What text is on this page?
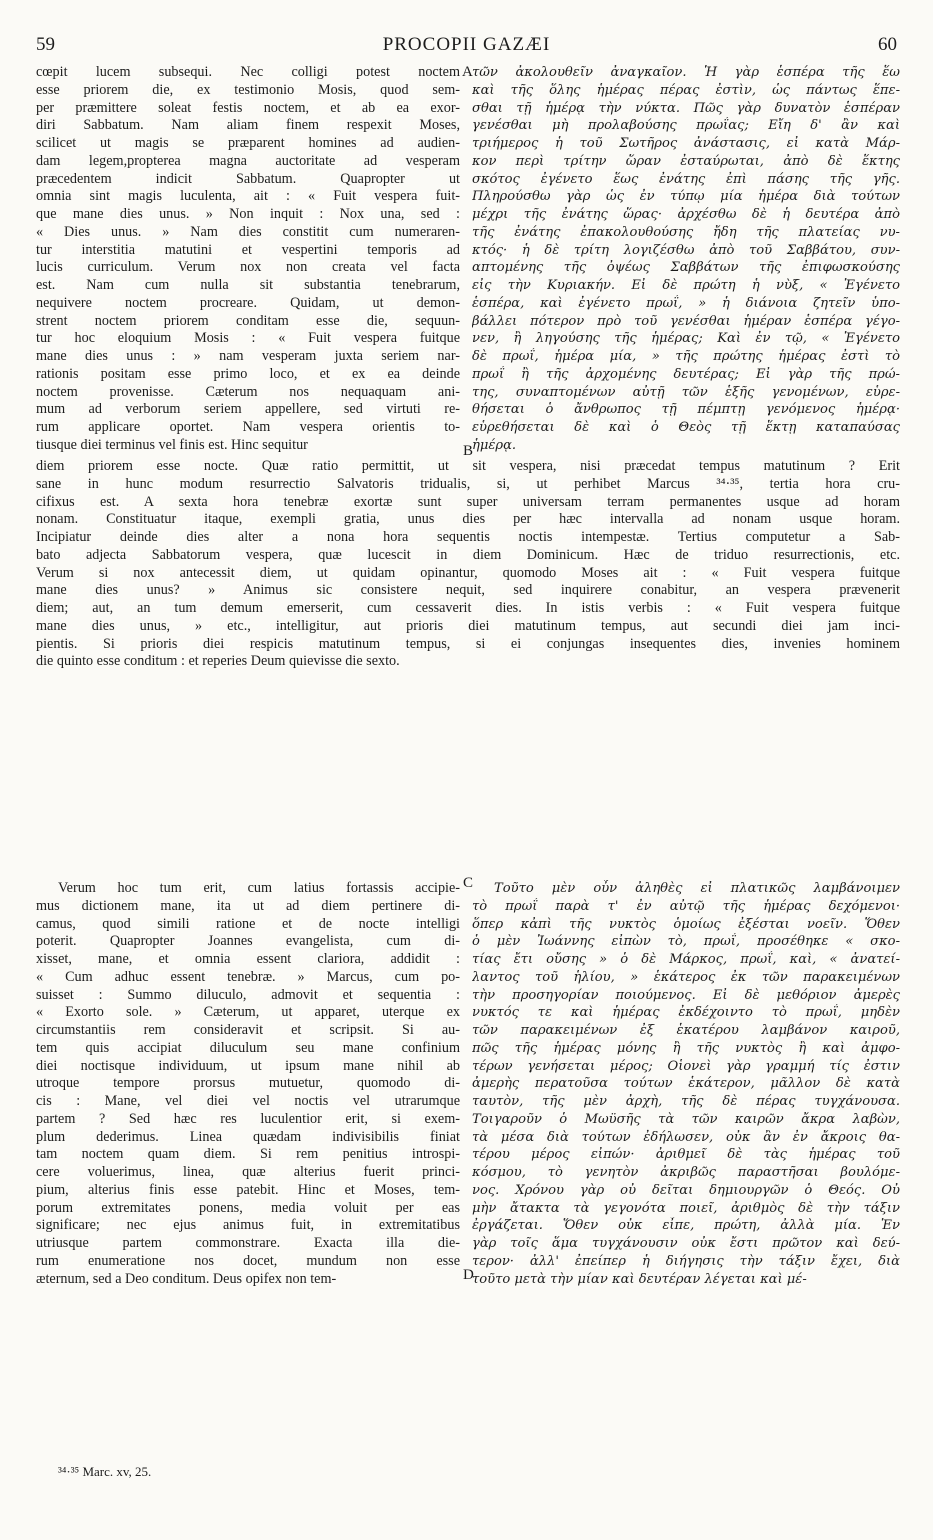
59	PROCOPII GAZÆI	60
A
B
C
D
cœpit lucem subsequi. Nec colligi potest noctem
esse priorem die, ex testimonio Mosis, quod sem-
per præmittere soleat festis noctem, et ab ea exor-
diri Sabbatum. Nam aliam finem respexit Moses,
scilicet ut magis se præparent homines ad audien-
dam legem,propterea magna auctoritate ad vesperam
præcedentem indicit Sabbatum. Quapropter ut
omnia sint magis luculenta, ait : « Fuit vespera fuit-
que mane dies unus. » Non inquit : Nox una, sed :
« Dies unus. » Nam dies constitit cum numeraren-
tur interstitia matutini et vespertini temporis ad
lucis curriculum. Verum nox non creata vel facta
est. Nam cum nulla sit substantia tenebrarum,
nequivere noctem procreare. Quidam, ut demon-
strent noctem priorem conditam esse die, sequun-
tur hoc eloquium Mosis : « Fuit vespera fuitque
mane dies unus : » nam vesperam juxta seriem nar-
rationis positam esse primo loco, et ex ea deinde
noctem provenisse. Cæterum nos nequaquam ani-
mum ad verborum seriem appellere, sed virtuti re-
rum applicare oportet. Nam vespera orientis to-
tiusque diei terminus vel finis est. Hinc sequitur
τῶν ἀκολουθεῖν ἀναγκαῖον. Ἡ γὰρ ἑσπέρα τῆς ἕω
καὶ τῆς ὅλης ἡμέρας πέρας ἐστὶν, ὡς πάντως ἕπε-
σθαι τῇ ἡμέρᾳ τὴν νύκτα. Πῶς γὰρ δυνατὸν ἑσπέραν
γενέσθαι μὴ προλαβούσης πρωΐας; Εἴη δ' ἂν καὶ
τριήμερος ἡ τοῦ Σωτῆρος ἀνάστασις, εἰ κατὰ Μάρ-
κον περὶ τρίτην ὥραν ἐσταύρωται, ἀπὸ δὲ ἕκτης
σκότος ἐγένετο ἕως ἐνάτης ἐπὶ πάσης τῆς γῆς.
Πληρούσθω γὰρ ὡς ἐν τύπῳ μία ἡμέρα διὰ τούτων
μέχρι τῆς ἐνάτης ὥρας· ἀρχέσθω δὲ ἡ δευτέρα ἀπὸ
τῆς ἐνάτης ἐπακολουθούσης ἤδη τῆς πλατείας νυ-
κτός· ἡ δὲ τρίτη λογιζέσθω ἀπὸ τοῦ Σαββάτου, συν-
απτομένης τῆς ὀψέως Σαββάτων τῆς ἐπιφωσκούσης
εἰς τὴν Κυριακήν. Εἰ δὲ πρώτη ἡ νὺξ, « Ἐγένετο
ἑσπέρα, καὶ ἐγένετο πρωΐ, » ἡ διάνοια ζητεῖν ὑπο-
βάλλει πότερον πρὸ τοῦ γενέσθαι ἡμέραν ἑσπέρα γέγο-
νεν, ἢ ληγούσης τῆς ἡμέρας; Καὶ ἐν τῷ, « Ἐγένετο
δὲ πρωΐ, ἡμέρα μία, » τῆς πρώτης ἡμέρας ἐστὶ τὸ
πρωΐ ἢ τῆς ἀρχομένης δευτέρας; Εἰ γὰρ τῆς πρώ-
της, συναπτομένων αὐτῇ τῶν ἑξῆς γενομένων, εὑρε-
θήσεται ὁ ἄνθρωπος τῇ πέμπτῃ γενόμενος ἡμέρᾳ·
εὑρεθήσεται δὲ καὶ ὁ Θεὸς τῇ ἕκτῃ καταπαύσας
ἡμέρᾳ.
diem priorem esse nocte. Quæ ratio permittit, ut sit vespera, nisi præcedat tempus matutinum ? Erit
sane in hunc modum resurrectio Salvatoris tridualis, si, ut perhibet Marcus ³⁴·³⁵, tertia hora cru-
cifixus est. A sexta hora tenebræ exortæ sunt super universam terram permanentes usque ad horam
nonam. Constituatur itaque, exempli gratia, unus dies per hæc intervalla ad nonam usque horam.
Incipiatur deinde dies alter a nona hora sequentis noctis intempestæ. Tertius computetur a Sab-
bato adjecta Sabbatorum vespera, quæ lucescit in diem Dominicum. Hæc de triduo resurrectionis, etc.
Verum si nox antecessit diem, ut quidam opinantur, quomodo Moses ait : « Fuit vespera fuitque
mane dies unus? » Animus sic consistere nequit, sed inquirere conabitur, an vespera prævenerit
diem; aut, an tum demum emerserit, cum cessaverit dies. In istis verbis : « Fuit vespera fuitque
mane dies unus, » etc., intelligitur, aut prioris diei matutinum tempus, aut secundi diei jam inci-
pientis. Si prioris diei respicis matutinum tempus, si ei conjungas insequentes dies, invenies hominem
die quinto esse conditum : et reperies Deum quievisse die sexto.
Verum hoc tum erit, cum latius fortassis accipie-
mus dictionem mane, ita ut ad diem pertinere di-
camus, quod simili ratione et de nocte intelligi
poterit. Quapropter Joannes evangelista, cum di-
xisset, mane, et omnia essent clariora, addidit :
« Cum adhuc essent tenebræ. » Marcus, cum po-
suisset : Summo diluculo, admovit et sequentia :
« Exorto sole. » Cæterum, ut apparet, uterque ex
circumstantiis rem consideravit et scripsit. Si au-
tem quis accipiat diluculum seu mane confinium
diei noctisque individuum, ut ipsum mane nihil ab
utroque tempore prorsus mutuetur, quomodo di-
cis : Mane, vel diei vel noctis vel utrarumque
partem ? Sed hæc res luculentior erit, si exem-
plum dederimus. Linea quædam indivisibilis finiat
tam noctem quam diem. Si rem penitius introspi-
cere voluerimus, linea, quæ alterius fuerit princi-
pium, alterius finis esse patebit. Hinc et Moses, tem-
porum extremitates ponens, media voluit per eas
significare; nec ejus animus fuit, in extremitatibus
utriusque partem commonstrare. Exacta illa die-
rum enumeratione nos docet, mundum non esse
æternum, sed a Deo conditum. Deus opifex non tem-
Τοῦτο μὲν οὖν ἀληθὲς εἰ πλατικῶς λαμβάνοιμεν
τὸ πρωΐ παρὰ τ' ἐν αὐτῷ τῆς ἡμέρας δεχόμενοι·
ὅπερ κἀπὶ τῆς νυκτὸς ὁμοίως ἐξέσται νοεῖν. Ὅθεν
ὁ μὲν Ἰωάννης εἰπὼν τὸ, πρωΐ, προσέθηκε « σκο-
τίας ἔτι οὔσης » ὁ δὲ Μάρκος, πρωΐ, καὶ, « ἀνατεί-
λαντος τοῦ ἡλίου, » ἑκάτερος ἐκ τῶν παρακειμένων
τὴν προσηγορίαν ποιούμενος. Εἰ δὲ μεθόριον ἀμερὲς
νυκτός τε καὶ ἡμέρας ἐκδέχοιντο τὸ πρωΐ, μηδὲν
τῶν παρακειμένων ἐξ ἑκατέρου λαμβάνον καιροῦ,
πῶς τῆς ἡμέρας μόνης ἢ τῆς νυκτὸς ἢ καὶ ἀμφο-
τέρων γενήσεται μέρος; Οἱονεὶ γὰρ γραμμή τίς ἐστιν
ἀμερὴς περατοῦσα τούτων ἑκάτερον, μᾶλλον δὲ κατὰ
ταυτὸν, τῆς μὲν ἀρχὴ, τῆς δὲ πέρας τυγχάνουσα.
Τοιγαροῦν ὁ Μωϋσῆς τὰ τῶν καιρῶν ἄκρα λαβὼν,
τὰ μέσα διὰ τούτων ἐδήλωσεν, οὐκ ἂν ἐν ἄκροις θα-
τέρου μέρος εἰπών· ἀριθμεῖ δὲ τὰς ἡμέρας τοῦ
κόσμου, τὸ γενητὸν ἀκριβῶς παραστῆσαι βουλόμε-
νος. Χρόνου γὰρ οὐ δεῖται δημιουργῶν ὁ Θεός. Οὐ
μὴν ἄτακτα τὰ γεγονότα ποιεῖ, ἀριθμὸς δὲ τὴν τάξιν
ἐργάζεται. Ὅθεν οὐκ εἶπε, πρώτη, ἀλλὰ μία. Ἐν
γὰρ τοῖς ἅμα τυγχάνουσιν οὐκ ἔστι πρῶτον καὶ δεύ-
τερον· ἀλλ' ἐπείπερ ἡ διήγησις τὴν τάξιν ἔχει, διὰ
τοῦτο μετὰ τὴν μίαν καὶ δευτέραν λέγεται καὶ μέ-
³⁴·³⁵ Marc. xv, 25.
